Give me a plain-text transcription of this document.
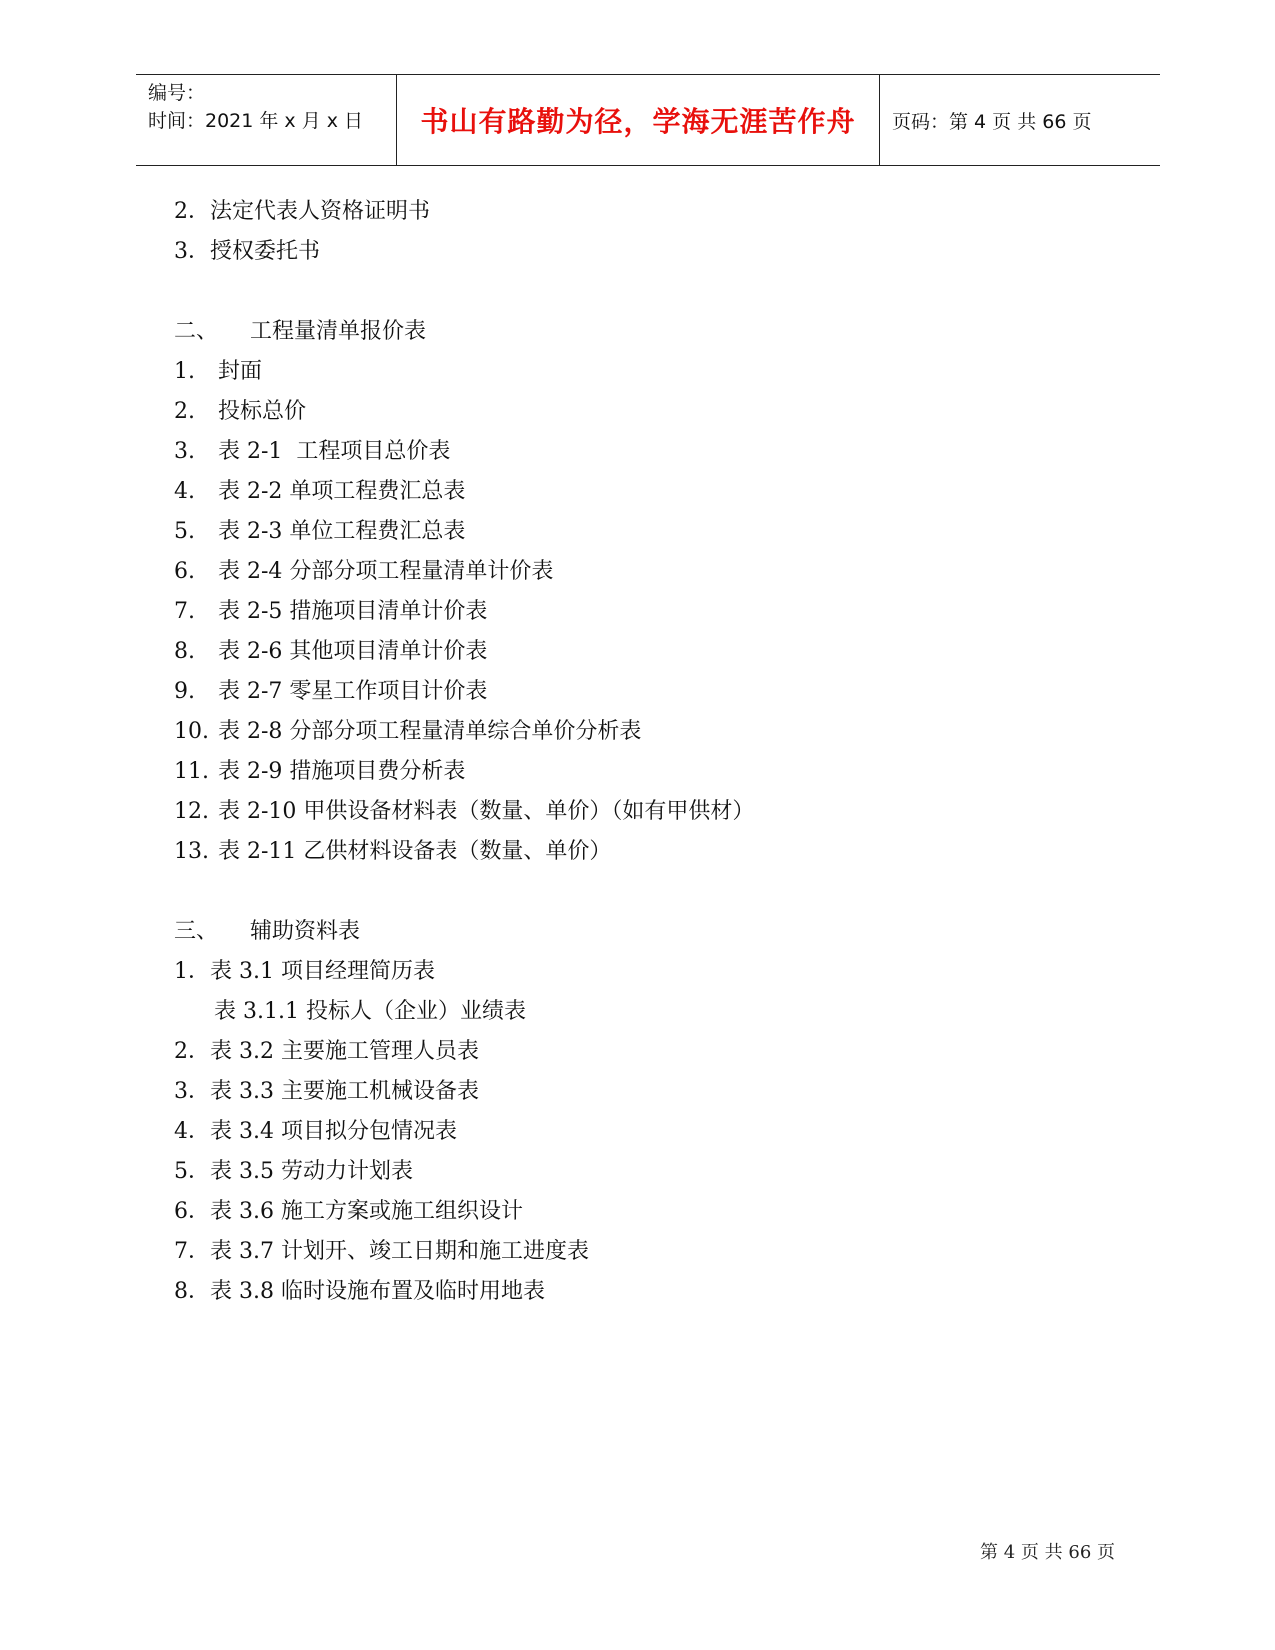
编号：
时间：2021 年 x 月 x 日	书山有路勤为径，学海无涯苦作舟 页码：第 4 页 共 66 页
2．法定代表人资格证明书
3．授权委托书
二、 工程量清单报价表
1. 封面
2. 投标总价
3. 表 2-1  工程项目总价表
4. 表 2-2 单项工程费汇总表
5. 表 2-3 单位工程费汇总表
6. 表 2-4 分部分项工程量清单计价表
7. 表 2-5 措施项目清单计价表
8. 表 2-6 其他项目清单计价表
9. 表 2-7 零星工作项目计价表
10. 表 2-8 分部分项工程量清单综合单价分析表
11. 表 2-9 措施项目费分析表
12. 表 2-10 甲供设备材料表（数量、单价）（如有甲供材）
13. 表 2-11 乙供材料设备表（数量、单价）
三、 辅助资料表
1．表 3.1 项目经理简历表
表 3.1.1 投标人（企业）业绩表
2．表 3.2 主要施工管理人员表
3．表 3.3 主要施工机械设备表
4．表 3.4 项目拟分包情况表
5．表 3.5 劳动力计划表
6．表 3.6 施工方案或施工组织设计
7．表 3.7 计划开、竣工日期和施工进度表
8．表 3.8 临时设施布置及临时用地表
第 4 页 共 66 页
